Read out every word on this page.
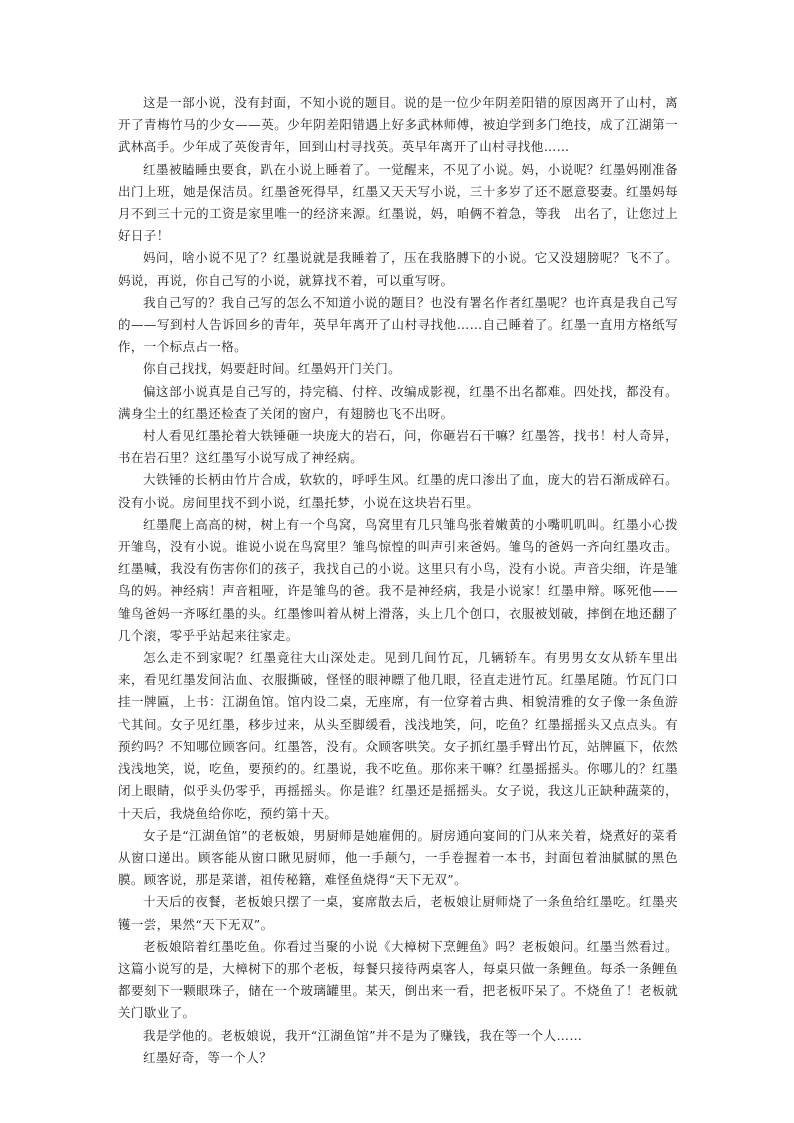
这是一部小说，没有封面，不知小说的题目。说的是一位少年阴差阳错的原因离开了山村，离开了青梅竹马的少女——英。少年阴差阳错遇上好多武林师傅，被迫学到多门绝技，成了江湖第一武林高手。少年成了英俊青年，回到山村寻找英。英早年离开了山村寻找他……

红墨被瞌睡虫要食，趴在小说上睡着了。一觉醒来，不见了小说。妈，小说呢？红墨妈刚准备出门上班，她是保洁员。红墨爸死得早，红墨又天天写小说，三十多岁了还不愿意娶妻。红墨妈每月不到三十元的工资是家里唯一的经济来源。红墨说，妈，咱俩不着急，等我　出名了，让您过上好日子！

妈问，啥小说不见了？红墨说就是我睡着了，压在我胳膊下的小说。它又没翅膀呢？飞不了。妈说，再说，你自己写的小说，就算找不着，可以重写呀。

我自己写的？我自己写的怎么不知道小说的题目？也没有署名作者红墨呢？也许真是我自己写的——写到村人告诉回乡的青年，英早年离开了山村寻找他……自己睡着了。红墨一直用方格纸写作，一个标点占一格。

你自己找找，妈要赶时间。红墨妈开门关门。

偏这部小说真是自己写的，持完稿、付梓、改编成影视，红墨不出名都难。四处找，都没有。满身尘土的红墨还检查了关闭的窗户，有翅膀也飞不出呀。

村人看见红墨抡着大铁锤砸一块庞大的岩石，问，你砸岩石干嘛？红墨答，找书！村人奇异，书在岩石里？这红墨写小说写成了神经病。

大铁锤的长柄由竹片合成，软软的，呼呼生风。红墨的虎口渗出了血，庞大的岩石渐成碎石。没有小说。房间里找不到小说，红墨托梦，小说在这块岩石里。

红墨爬上高高的树，树上有一个鸟窝，鸟窝里有几只雏鸟张着嫩黄的小嘴叽叽叫。红墨小心拨开雏鸟，没有小说。谁说小说在鸟窝里？雏鸟惊惶的叫声引来爸妈。雏鸟的爸妈一齐向红墨攻击。红墨喊，我没有伤害你们的孩子，我找自己的小说。这里只有小鸟，没有小说。声音尖细，许是雏鸟的妈。神经病！声音粗哑，许是雏鸟的爸。我不是神经病，我是小说家！红墨申辩。啄死他——雏鸟爸妈一齐啄红墨的头。红墨惨叫着从树上滑落，头上几个创口，衣服被划破，摔倒在地还翻了几个滚，零乎乎站起来往家走。

怎么走不到家呢？红墨竟往大山深处走。见到几间竹瓦，几辆轿车。有男男女女从轿车里出来，看见红墨发间沾血、衣服撕破，怪怪的眼神瞟了他几眼，径直走进竹瓦。红墨尾随。竹瓦门口挂一牌匾，上书：江湖鱼馆。馆内设二桌，无座席，有一位穿着古典、相貌清雅的女子像一条鱼游弋其间。女子见红墨，移步过来，从头至脚缓看，浅浅地笑，问，吃鱼？红墨摇摇头又点点头。有预约吗？不知哪位顾客问。红墨答，没有。众顾客哄笑。女子抓红墨手臂出竹瓦，站牌匾下，依然浅浅地笑，说，吃鱼，要预约的。红墨说，我不吃鱼。那你来干嘛？红墨摇摇头。你哪儿的？红墨闭上眼睛，似乎头仍零乎，再摇摇头。你是谁？红墨还是摇摇头。女子说，我这儿正缺种蔬菜的，十天后，我烧鱼给你吃，预约第十天。

女子是“江湖鱼馆”的老板娘，男厨师是她雇佣的。厨房通向宴间的门从来关着，烧煮好的菜肴从窗口递出。顾客能从窗口瞅见厨师，他一手颠勺，一手卷握着一本书，封面包着油腻腻的黑色膜。顾客说，那是菜谱，祖传秘籍，难怪鱼烧得“天下无双”。

十天后的夜餐，老板娘只摆了一桌，宴席散去后，老板娘让厨师烧了一条鱼给红墨吃。红墨夹镬一尝，果然“天下无双”。

老板娘陪着红墨吃鱼。你看过当聚的小说《大樟树下烹鲤鱼》吗？老板娘问。红墨当然看过。这篇小说写的是，大樟树下的那个老板，每餐只接待两桌客人，每桌只做一条鲤鱼。每杀一条鲤鱼都要刻下一颗眼珠子，储在一个玻璃罐里。某天，倒出来一看，把老板吓呆了。不烧鱼了！老板就关门歇业了。

我是学他的。老板娘说，我开“江湖鱼馆”并不是为了赚钱，我在等一个人……

红墨好奇，等一个人？
